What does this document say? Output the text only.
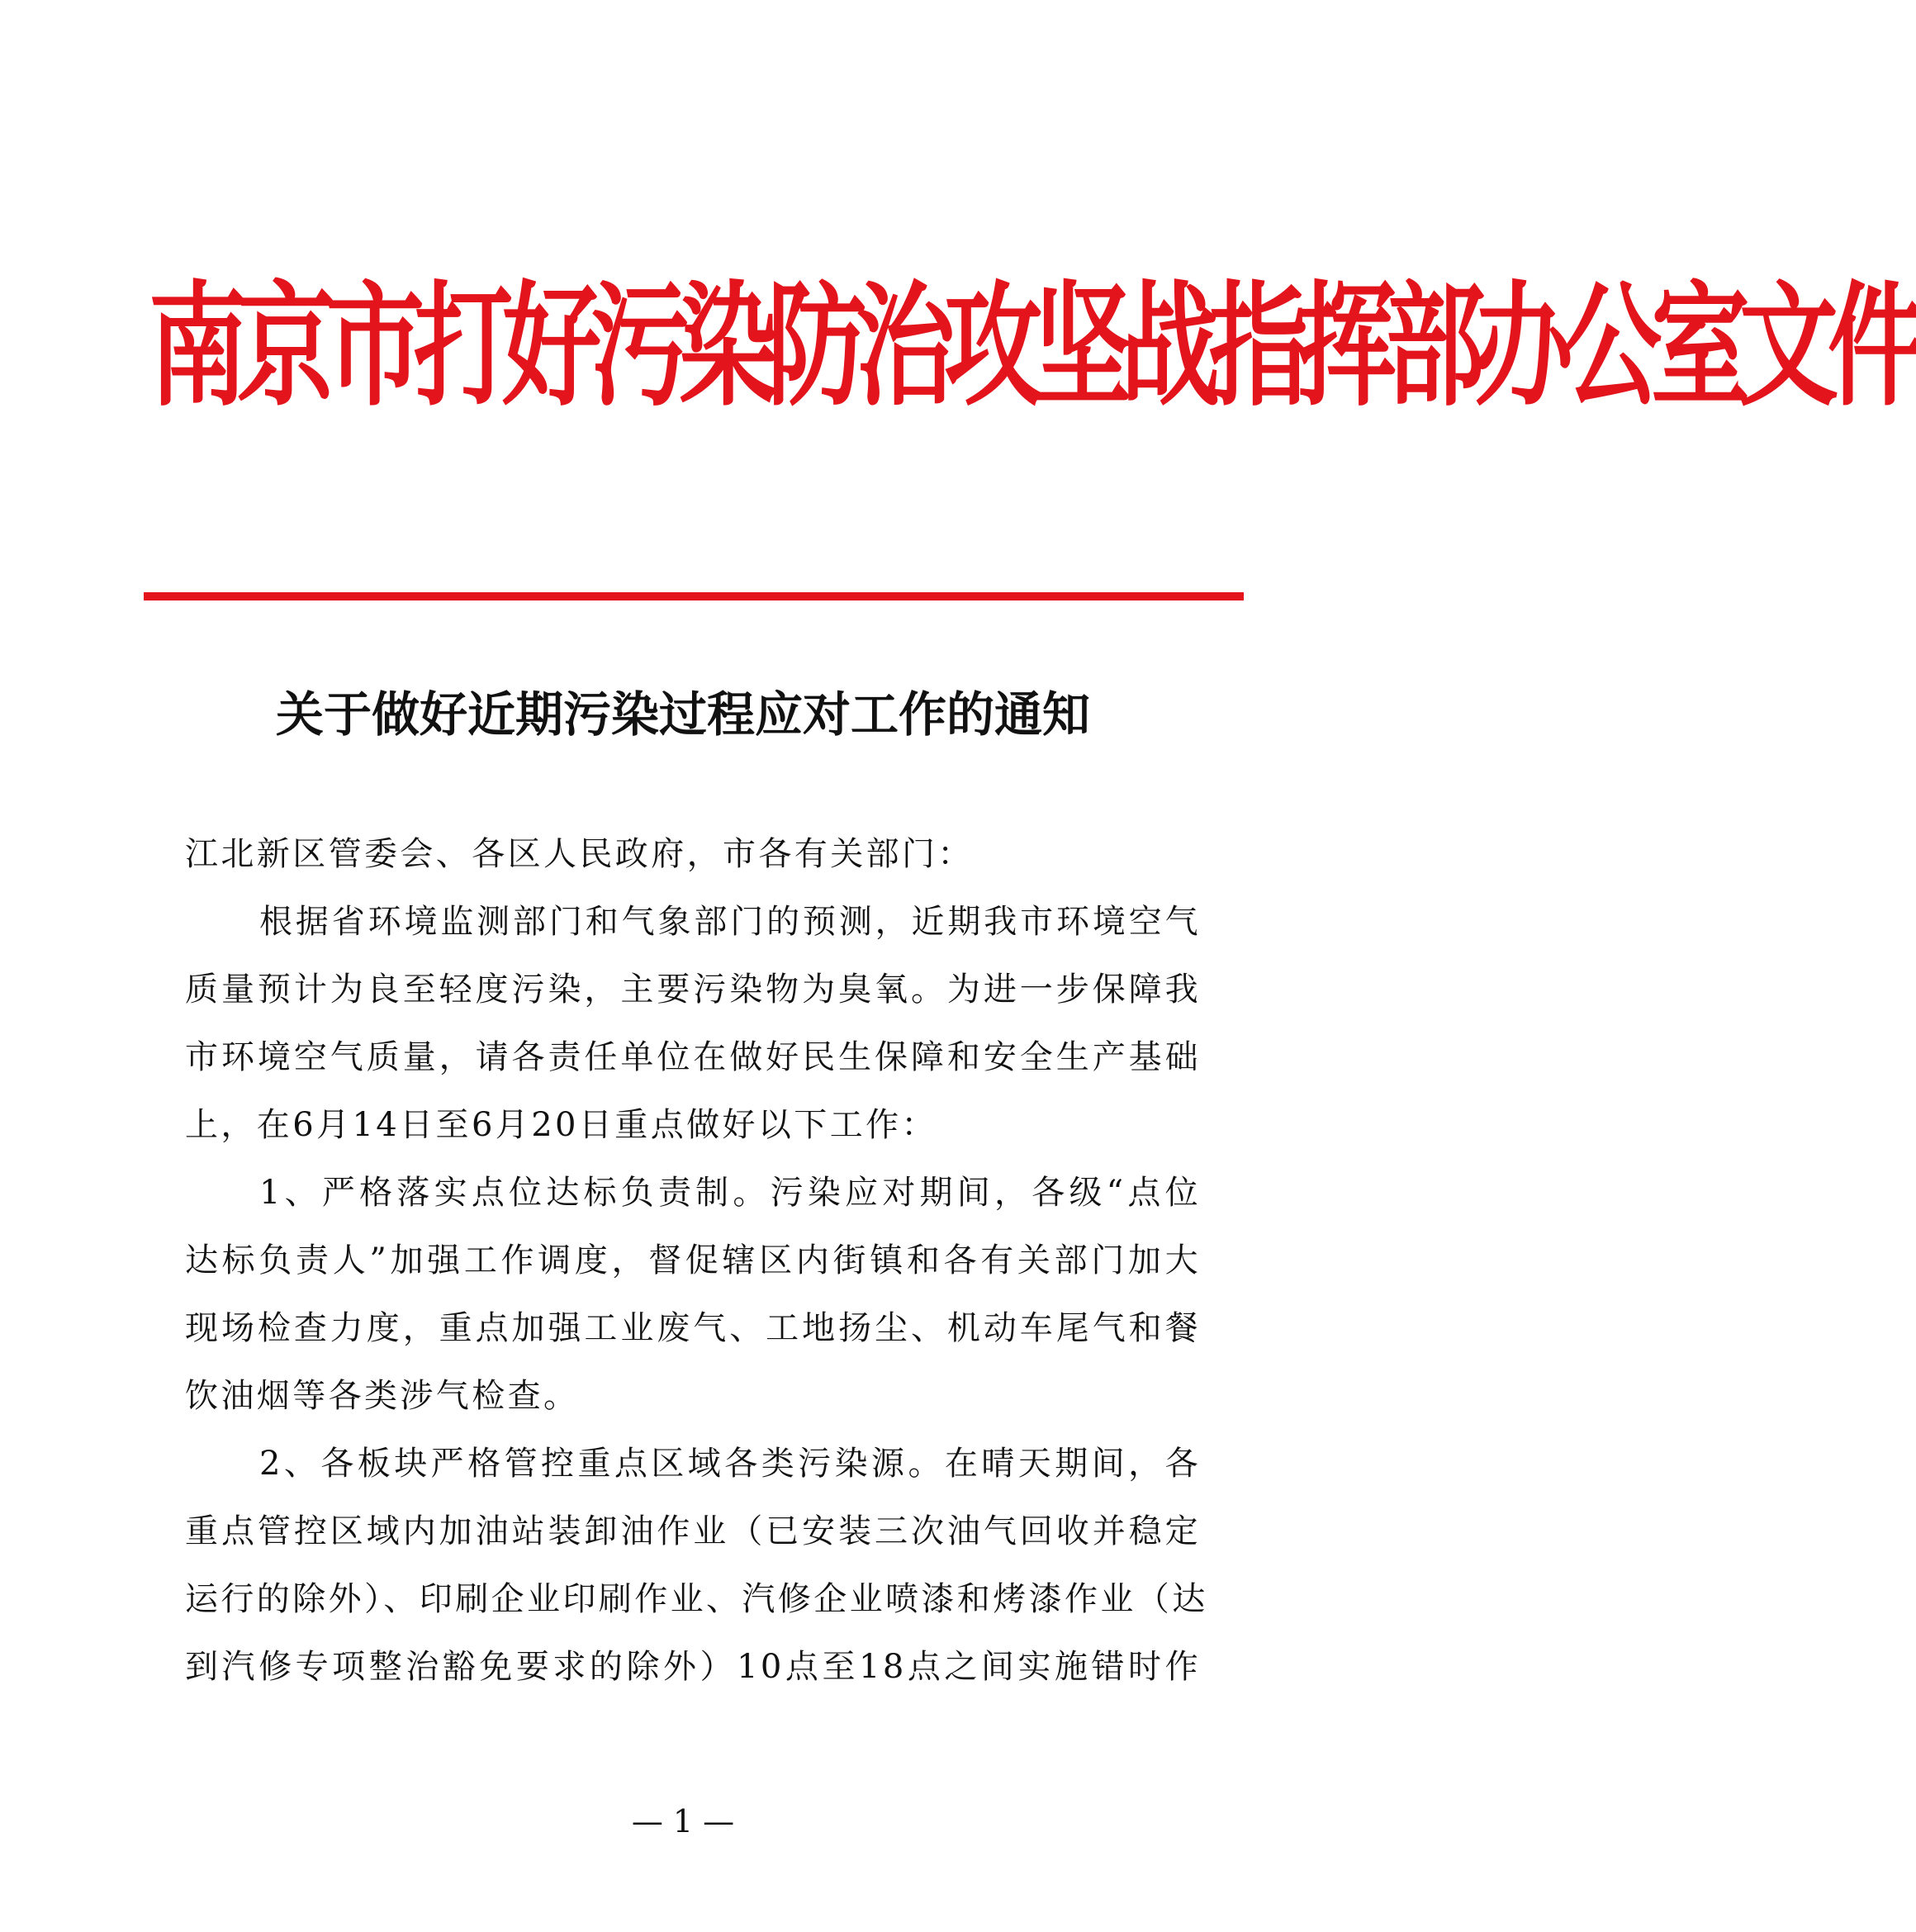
南京市打好污染防治攻坚战指挥部办公室文件
关于做好近期污染过程应对工作的通知

江北新区管委会、各区人民政府，市各有关部门：

根据省环境监测部门和气象部门的预测，近期我市环境空气

质量预计为良至轻度污染，主要污染物为臭氧。为进一步保障我

市环境空气质量，请各责任单位在做好民生保障和安全生产基础

上，在6月14日至6月20日重点做好以下工作：

1、严格落实点位达标负责制。污染应对期间，各级“点位

达标负责人”加强工作调度，督促辖区内街镇和各有关部门加大

现场检查力度，重点加强工业废气、工地扬尘、机动车尾气和餐

饮油烟等各类涉气检查。

2、各板块严格管控重点区域各类污染源。在晴天期间，各

重点管控区域内加油站装卸油作业（已安装三次油气回收并稳定

运行的除外）、印刷企业印刷作业、汽修企业喷漆和烤漆作业（达

到汽修专项整治豁免要求的除外）10点至18点之间实施错时作

— 1 —
